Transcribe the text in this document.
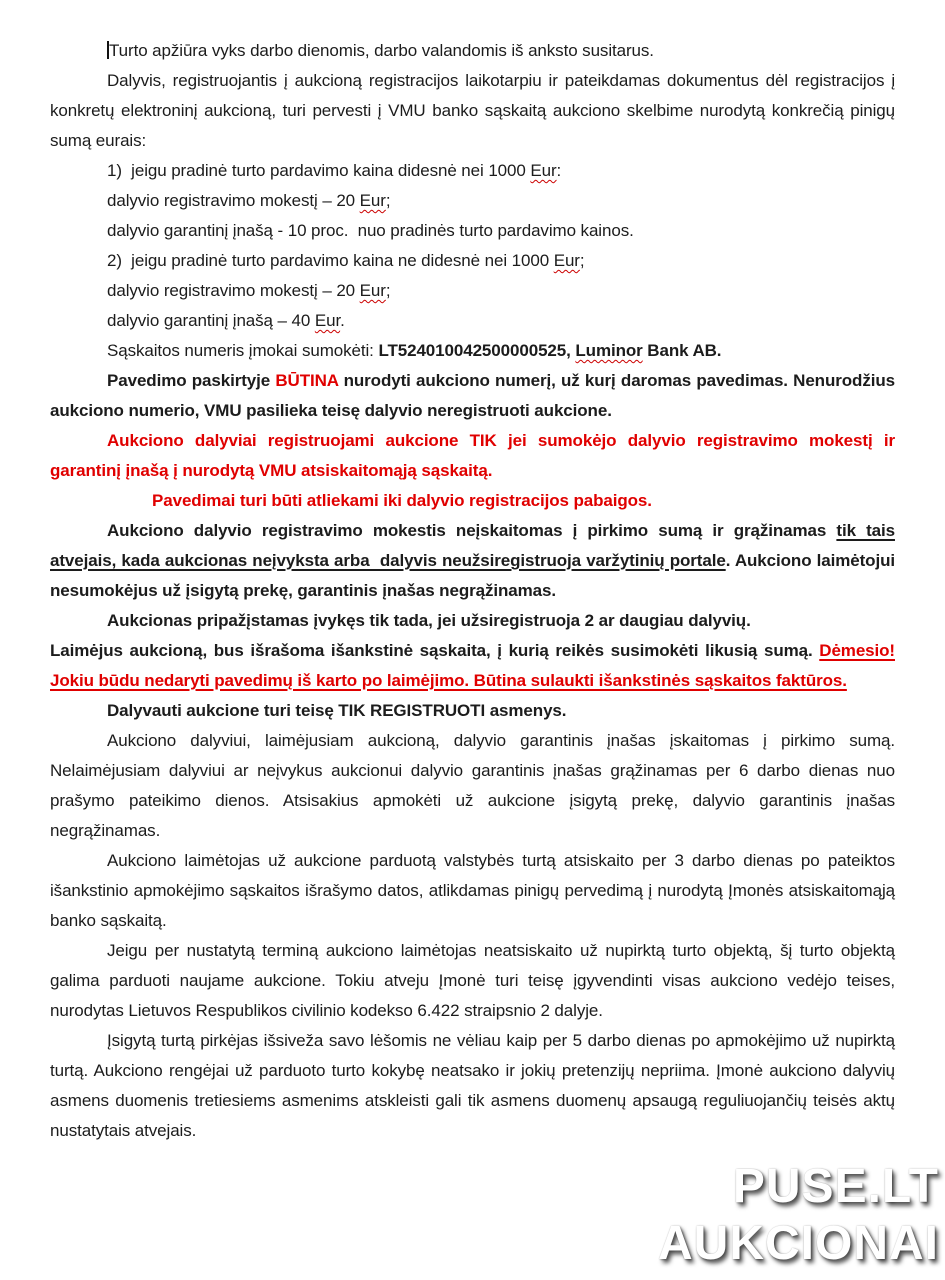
Turto apžiūra vyks darbo dienomis, darbo valandomis iš anksto susitarus.

Dalyvis, registruojantis į aukcioną registracijos laikotarpiu ir pateikdamas dokumentus dėl registracijos į konkretų elektroninį aukcioną, turi pervesti į VMU banko sąskaitą aukciono skelbime nurodytą konkrečią pinigų sumą eurais:

1)  jeigu pradinė turto pardavimo kaina didesnė nei 1000 Eur:

dalyvio registravimo mokestį – 20 Eur;

dalyvio garantinį įnašą - 10 proc.  nuo pradinės turto pardavimo kainos.

2)  jeigu pradinė turto pardavimo kaina ne didesnė nei 1000 Eur;

dalyvio registravimo mokestį – 20 Eur;

dalyvio garantinį įnašą – 40 Eur.

Sąskaitos numeris įmokai sumokėti: LT524010042500000525, Luminor Bank AB.

Pavedimo paskirtyje BŪTINA nurodyti aukciono numerį, už kurį daromas pavedimas. Nenurodžius aukciono numerio, VMU pasilieka teisę dalyvio neregistruoti aukcione.

Aukciono dalyviai registruojami aukcione TIK jei sumokėjo dalyvio registravimo mokestį ir garantinį įnašą į nurodytą VMU atsiskaitomąją sąskaitą.

Pavedimai turi būti atliekami iki dalyvio registracijos pabaigos.

Aukciono dalyvio registravimo mokestis neįskaitomas į pirkimo sumą ir grąžinamas tik tais atvejais, kada aukcionas neįvyksta arba  dalyvis neužsiregistruoja varžytinių portale. Aukciono laimėtojui nesumokėjus už įsigytą prekę, garantinis įnašas negrąžinamas.

Aukcionas pripažįstamas įvykęs tik tada, jei užsiregistruoja 2 ar daugiau dalyvių.

Laimėjus aukcioną, bus išrašoma išankstinė sąskaita, į kurią reikės susimokėti likusią sumą. Dėmesio! Jokiu būdu nedaryti pavedimų iš karto po laimėjimo. Būtina sulaukti išankstinės sąskaitos faktūros.

Dalyvauti aukcione turi teisę TIK REGISTRUOTI asmenys.

Aukciono dalyviui, laimėjusiam aukcioną, dalyvio garantinis įnašas įskaitomas į pirkimo sumą. Nelaimėjusiam dalyviui ar neįvykus aukcionui dalyvio garantinis įnašas grąžinamas per 6 darbo dienas nuo prašymo pateikimo dienos. Atsisakius apmokėti už aukcione įsigytą prekę, dalyvio garantinis įnašas negrąžinamas.

Aukciono laimėtojas už aukcione parduotą valstybės turtą atsiskaito per 3 darbo dienas po pateiktos išankstinio apmokėjimo sąskaitos išrašymo datos, atlikdamas pinigų pervedimą į nurodytą Įmonės atsiskaitomąją banko sąskaitą.

Jeigu per nustatytą terminą aukciono laimėtojas neatsiskaito už nupirktą turto objektą, šį turto objektą galima parduoti naujame aukcione. Tokiu atveju Įmonė turi teisę įgyvendinti visas aukciono vedėjo teises, nurodytas Lietuvos Respublikos civilinio kodekso 6.422 straipsnio 2 dalyje.

Įsigytą turtą pirkėjas išsiveža savo lėšomis ne vėliau kaip per 5 darbo dienas po apmokėjimo už nupirktą turtą. Aukciono rengėjai už parduoto turto kokybę neatsako ir jokių pretenzijų nepriima. Įmonė aukciono dalyvių asmens duomenis tretiesiems asmenims atskleisti gali tik asmens duomenų apsaugą reguliuojančių teisės aktų nustatytais atvejais.

PUSE.LT
AUKCIONAI
